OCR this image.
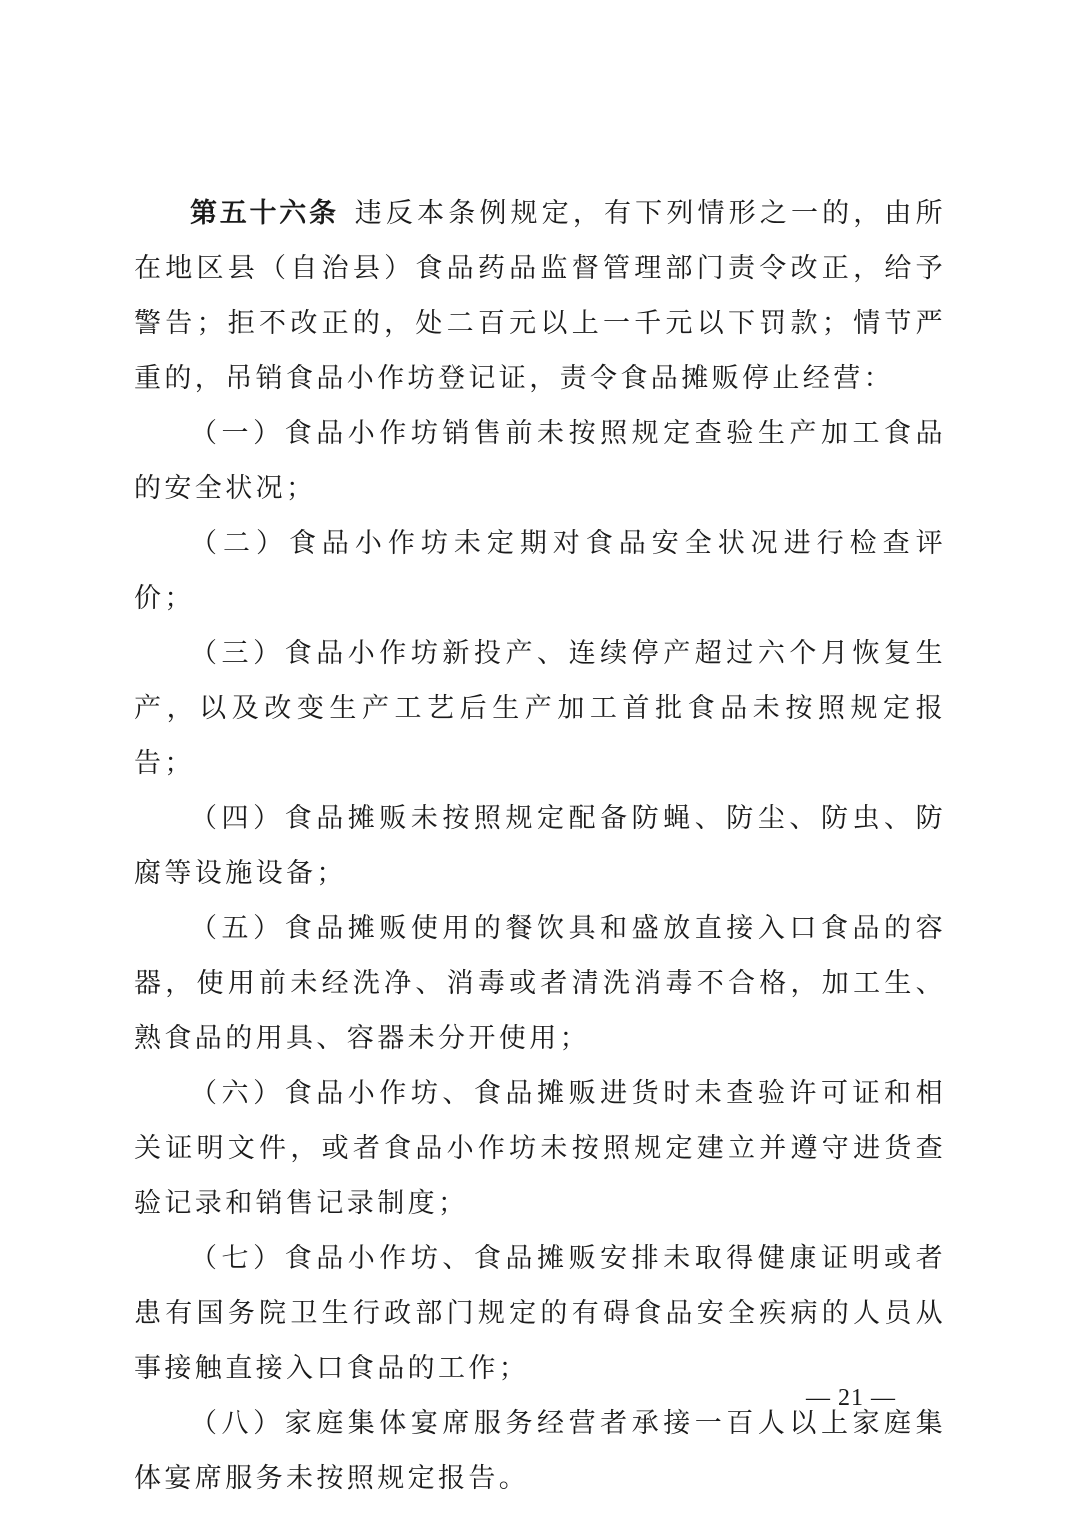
第五十六条 违反本条例规定，有下列情形之一的，由所在地区县（自治县）食品药品监督管理部门责令改正，给予警告；拒不改正的，处二百元以上一千元以下罚款；情节严重的，吊销食品小作坊登记证，责令食品摊贩停止经营：

（一）食品小作坊销售前未按照规定查验生产加工食品的安全状况；

（二）食品小作坊未定期对食品安全状况进行检查评价；

（三）食品小作坊新投产、连续停产超过六个月恢复生产，以及改变生产工艺后生产加工首批食品未按照规定报告；

（四）食品摊贩未按照规定配备防蝇、防尘、防虫、防腐等设施设备；

（五）食品摊贩使用的餐饮具和盛放直接入口食品的容器，使用前未经洗净、消毒或者清洗消毒不合格，加工生、熟食品的用具、容器未分开使用；

（六）食品小作坊、食品摊贩进货时未查验许可证和相关证明文件，或者食品小作坊未按照规定建立并遵守进货查验记录和销售记录制度；

（七）食品小作坊、食品摊贩安排未取得健康证明或者患有国务院卫生行政部门规定的有碍食品安全疾病的人员从事接触直接入口食品的工作；

（八）家庭集体宴席服务经营者承接一百人以上家庭集体宴席服务未按照规定报告。

— 21 —
